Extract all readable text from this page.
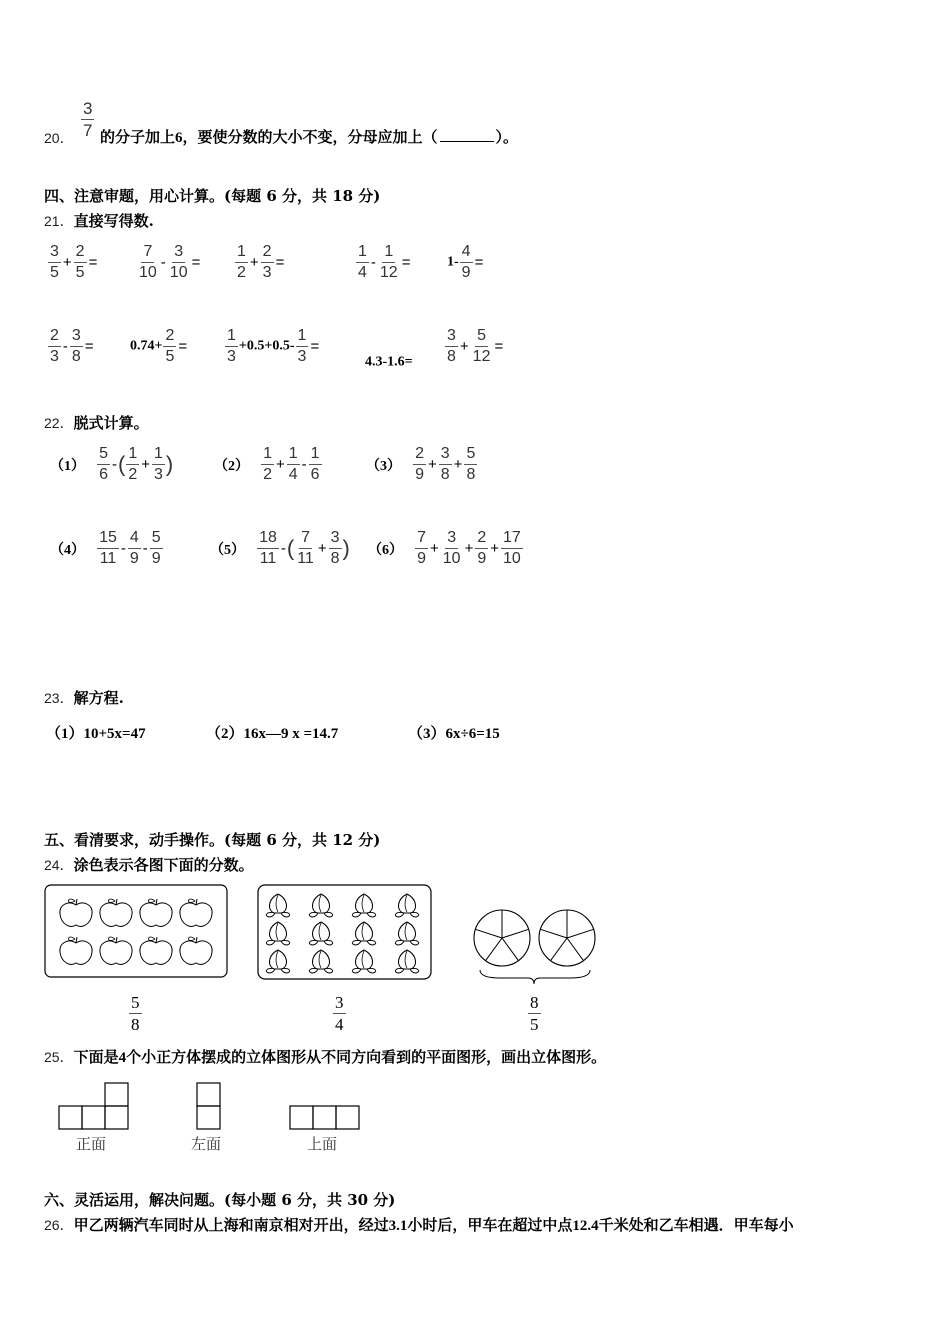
20． $\frac{3}{7}$ 的分子加上6，要使分数的大小不变，分母应加上（	）。
四、注意审题，用心计算。(每题 6 分，共 18 分)
21．直接写得数.
$\frac{3}{5} + \frac{2}{5} = \frac{7}{10} - \frac{3}{10} = \frac{1}{2} + \frac{2}{3}$ =	$\frac{1}{4} - \frac{1}{12}$ =	$1- \frac{4}{9}$ =
$\frac{2}{3} - \frac{3}{8}$ =	$0.74+ \frac{2}{5} = \frac{1}{3} +0.5+0.5- \frac{1}{3}$ =
$4.3-1.6= \frac{3}{8} + \frac{5}{12}$ =
22．脱式计算。
$(1) \frac{5}{6}$ -( $\frac{1}{2} + \frac{1}{3}$ )	$(2) \frac{1}{2} + \frac{1}{4} - \frac{1}{6}$	$(3) \frac{2}{9} + \frac{3}{8} + \frac{5}{8}$
$(4) \frac{15}{11} - \frac{4}{9} - \frac{5}{9}$	$(5) \frac{18}{11}$ -( $\frac{7}{11} + \frac{3}{8}$ ) $(6) \frac{7}{9} + \frac{3}{10} + \frac{2}{9} + \frac{17}{10}$
23．解方程.
（1）10+5x=47	（2）16x—9 x =14.7	（3）6x÷6=15
五、看清要求，动手操作。(每题 6 分，共 12 分)
24．涂色表示各图下面的分数。
$\frac{5}{8}$	$\frac{3}{4}$	$\frac{8}{5}$
25．下面是4个小正方体摆成的立体图形从不同方向看到的平面图形，画出立体图形。
正面	左面	上面
六、灵活运用，解决问题。(每小题 6 分，共 30 分)
26．甲乙两辆汽车同时从上海和南京相对开出，经过3.1小时后，甲车在超过中点12.4千米处和乙车相遇．甲车每小
